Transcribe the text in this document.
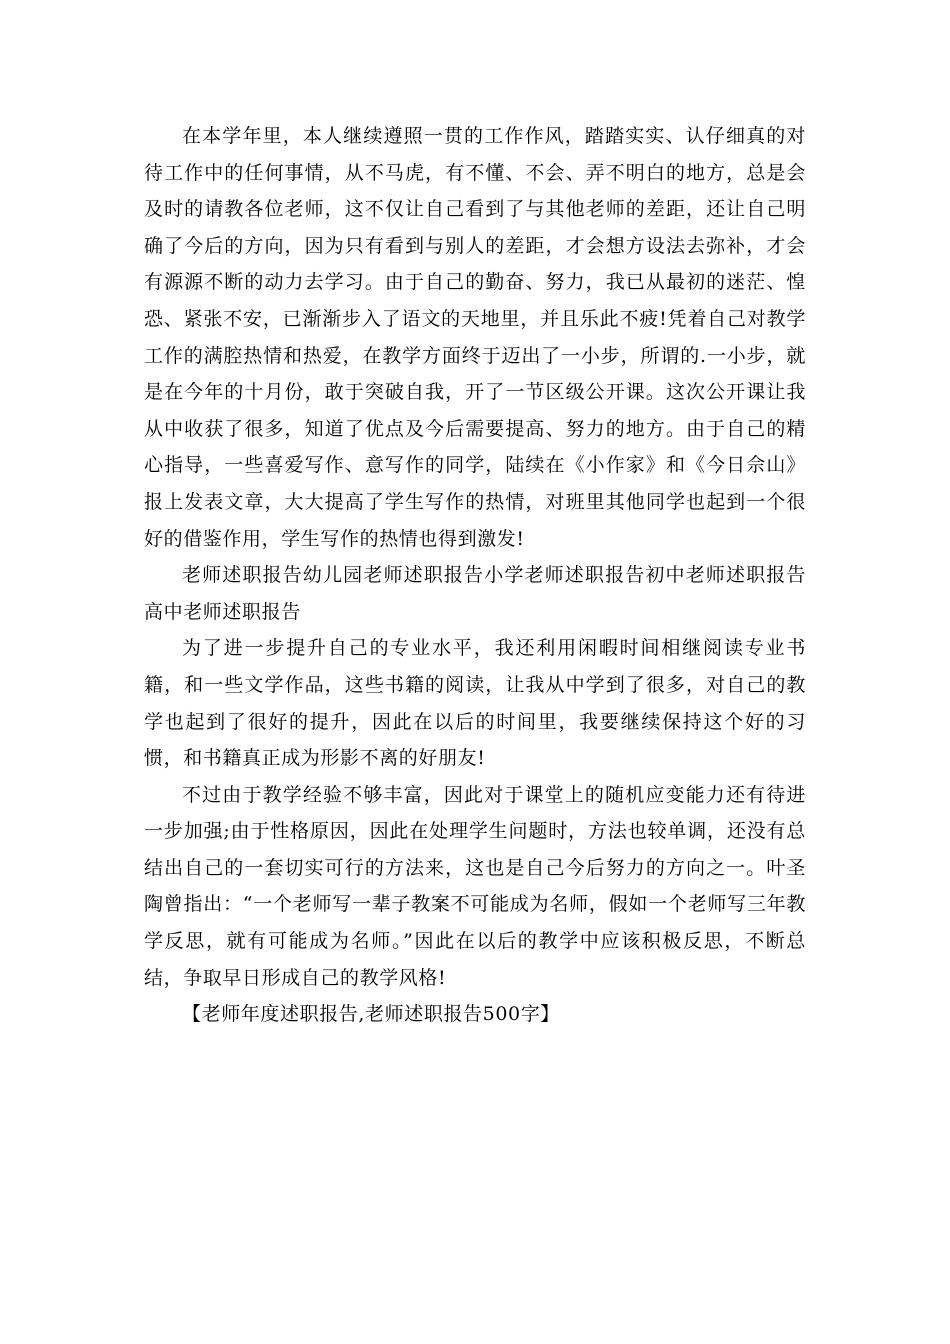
在本学年里，本人继续遵照一贯的工作作风，踏踏实实、认仔细真的对待工作中的任何事情，从不马虎，有不懂、不会、弄不明白的地方，总是会及时的请教各位老师，这不仅让自己看到了与其他老师的差距，还让自己明确了今后的方向，因为只有看到与别人的差距，才会想方设法去弥补，才会有源源不断的动力去学习。由于自己的勤奋、努力，我已从最初的迷茫、惶恐、紧张不安，已渐渐步入了语文的天地里，并且乐此不疲!凭着自己对教学工作的满腔热情和热爱，在教学方面终于迈出了一小步，所谓的.一小步，就是在今年的十月份，敢于突破自我，开了一节区级公开课。这次公开课让我从中收获了很多，知道了优点及今后需要提高、努力的地方。由于自己的精心指导，一些喜爱写作、意写作的同学，陆续在《小作家》和《今日佘山》报上发表文章，大大提高了学生写作的热情，对班里其他同学也起到一个很好的借鉴作用，学生写作的热情也得到激发!

老师述职报告幼儿园老师述职报告小学老师述职报告初中老师述职报告高中老师述职报告

为了进一步提升自己的专业水平，我还利用闲暇时间相继阅读专业书籍，和一些文学作品，这些书籍的阅读，让我从中学到了很多，对自己的教学也起到了很好的提升，因此在以后的时间里，我要继续保持这个好的习惯，和书籍真正成为形影不离的好朋友!

不过由于教学经验不够丰富，因此对于课堂上的随机应变能力还有待进一步加强;由于性格原因，因此在处理学生问题时，方法也较单调，还没有总结出自己的一套切实可行的方法来，这也是自己今后努力的方向之一。叶圣陶曾指出：“一个老师写一辈子教案不可能成为名师，假如一个老师写三年教学反思，就有可能成为名师。”因此在以后的教学中应该积极反思，不断总结，争取早日形成自己的教学风格!

【老师年度述职报告,老师述职报告500字】
